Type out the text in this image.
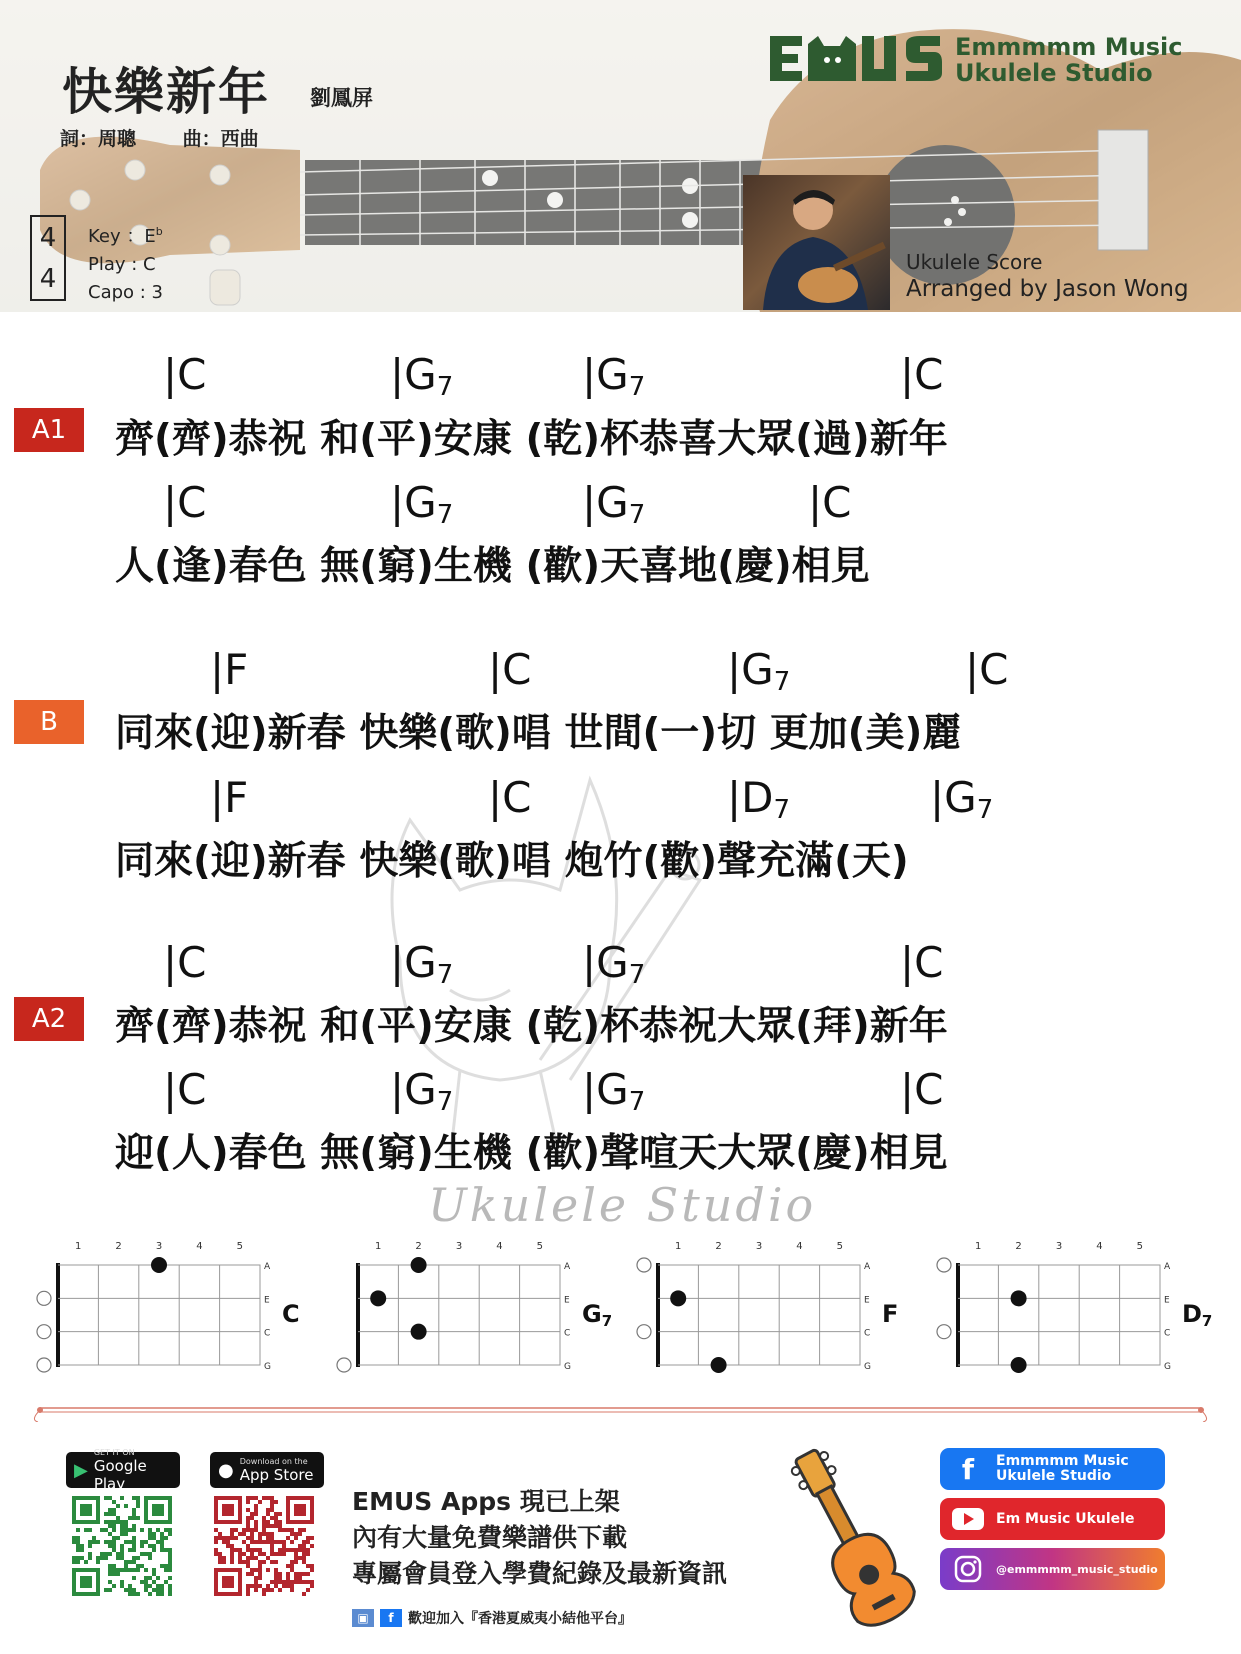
快樂新年 劉鳳屏
詞：周聰 曲：西曲
4
4
Key ：$E^b$
Play : C
Capo : 3
Emmmmm Music
Ukulele Studio
Ukulele Score
Arranged by Jason Wong
Ukulele Studio
A1
|C	$|G_7$	$|G_7$	|C
齊(齊)恭祝 和(平)安康 (乾)杯恭喜大眾(過)新年
|C	$|G_7$	$|G_7$	|C
人(逢)春色 無(窮)生機 (歡)天喜地(慶)相見
B
|F	|C	$|G_7$	|C
同來(迎)新春 快樂(歌)唱 世間(一)切 更加(美)麗
|F	|C	$|D_7$	$|G_7$
同來(迎)新春 快樂(歌)唱 炮竹(歡)聲充滿(天)
A2
|C	$|G_7$	$|G_7$	|C
齊(齊)恭祝 和(平)安康 (乾)杯恭祝大眾(拜)新年
|C	$|G_7$	$|G_7$	|C
迎(人)春色 無(窮)生機 (歡)聲喧天大眾(慶)相見
A
E
C
G
1	2	3	4	5
C
A
E
C
G
1	2	3	4	5
G7
A
E
C
G
1	2	3	4	5
F
A
E
C
G
1	2	3	4	5
D7
▶
GET IT ON
Google Play
● Download on the
App Store
EMUS Apps 現已上架
內有大量免費樂譜供下載
專屬會員登入學費紀錄及最新資訊
▣	f	歡迎加入『香港夏威夷小結他平台』
f	Emmmmm Music
Ukulele Studio
Em Music Ukulele
@emmmmm_music_studio
